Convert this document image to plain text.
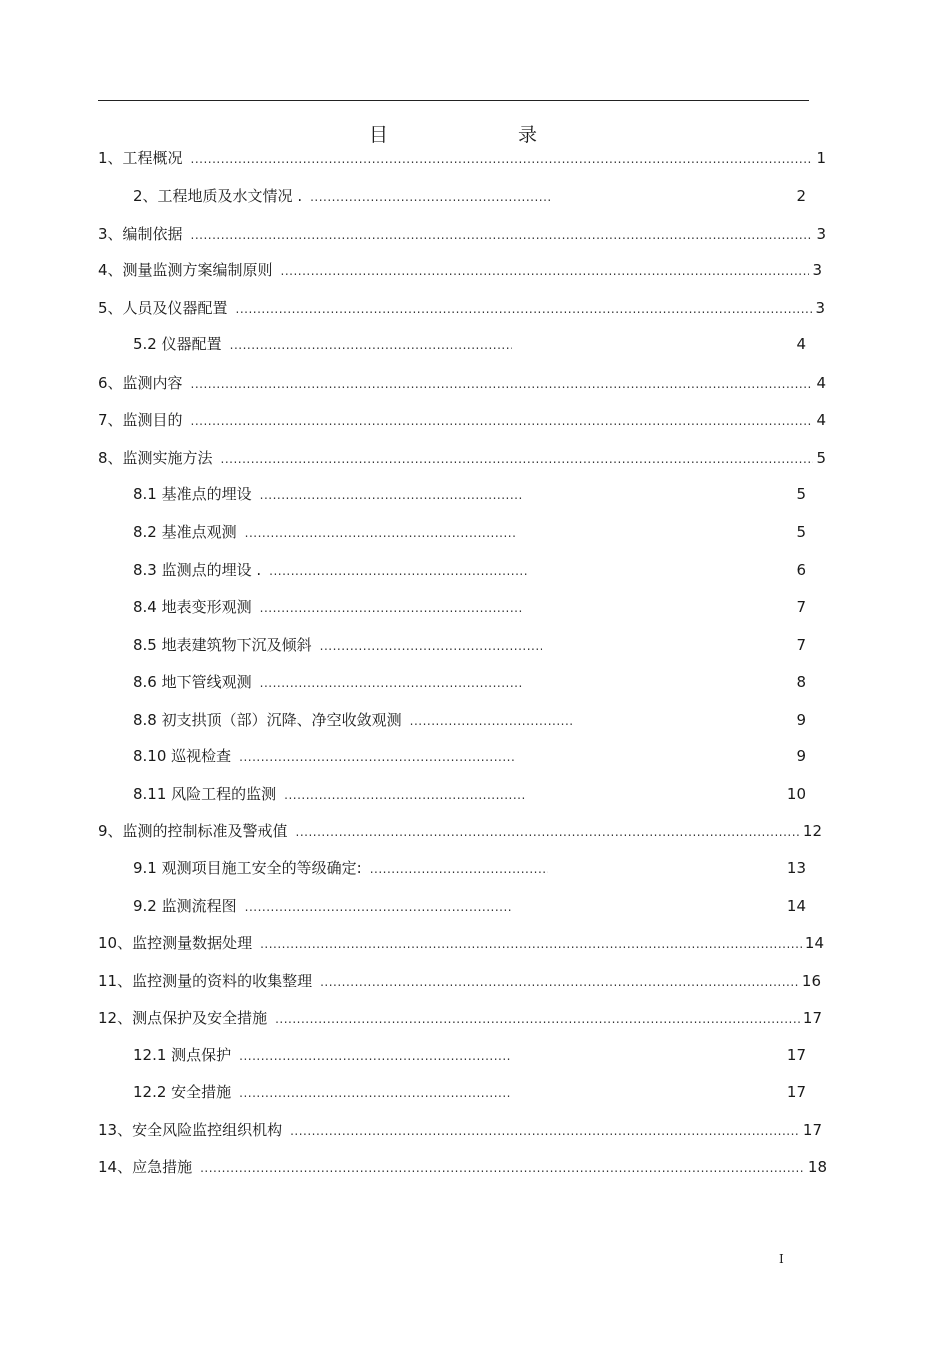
目 录
1、工程概况 .....	1
2、工程地质及水文情况 . .....	2
3、编制依据 .....	3
4、测量监测方案编制原则 .....	3
5、人员及仪器配置 .....	3
5.2 仪器配置 .....	4
6、监测内容 .....	4
7、监测目的 .....	4
8、监测实施方法 .....	5
8.1 基准点的埋设 .....	5
8.2 基准点观测 .....	5
8.3 监测点的埋设 . .....	6
8.4 地表变形观测 .....	7
8.5 地表建筑物下沉及倾斜 .....	7
8.6 地下管线观测 .....	8
8.8 初支拱顶（部）沉降、净空收敛观测 .....	9
8.10 巡视检查 .....	9
8.11 风险工程的监测 .....	10
9、监测的控制标准及警戒值 .....	12
9.1 观测项目施工安全的等级确定: .....	13
9.2 监测流程图 .....	14
10、监控测量数据处理 .....	14
11、监控测量的资料的收集整理 .....	16
12、测点保护及安全措施 .....	17
12.1 测点保护 .....	17
12.2 安全措施 .....	17
13、安全风险监控组织机构 .....	17
14、应急措施 .....	18
I
